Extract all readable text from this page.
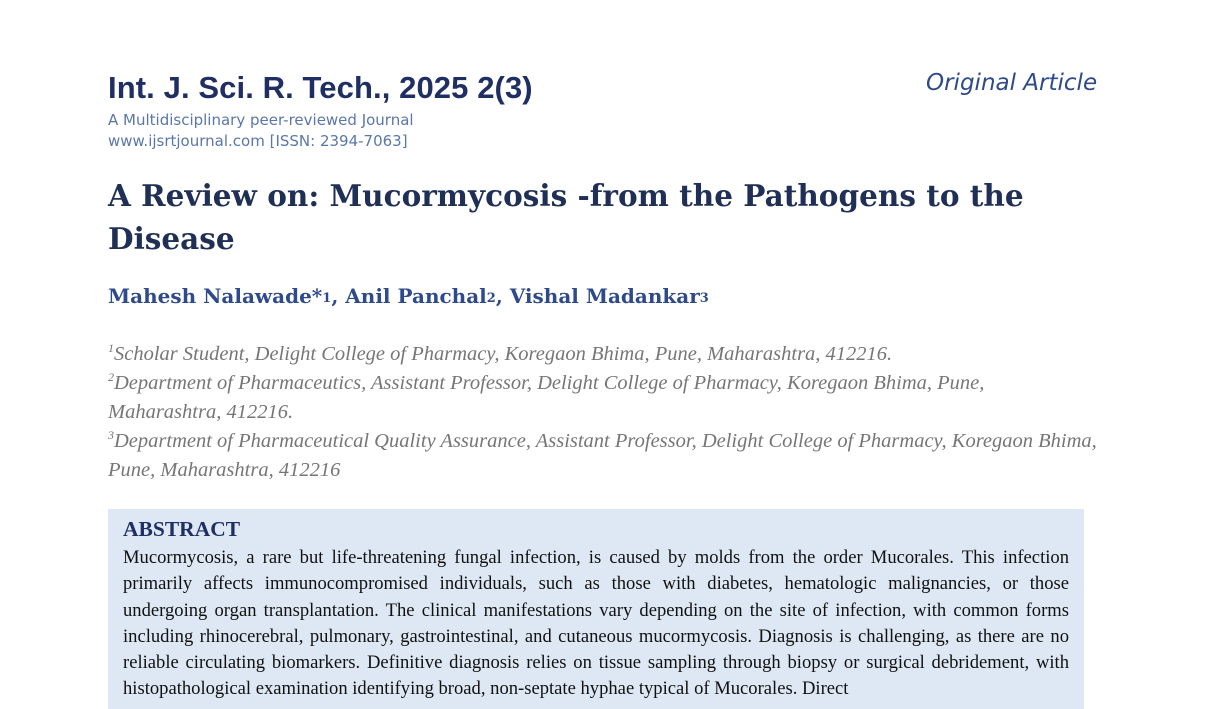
Int. J. Sci. R. Tech., 2025 2(3)	Original Article
A Multidisciplinary peer-reviewed Journal
www.ijsrtjournal.com [ISSN: 2394-7063]
A Review on: Mucormycosis -from the Pathogens to the Disease
Mahesh Nalawade*$^1$, Anil Panchal$^2$, Vishal Madankar$^3$
$^1$Scholar Student, Delight College of Pharmacy, Koregaon Bhima, Pune, Maharashtra, 412216.
$^2$Department of Pharmaceutics, Assistant Professor, Delight College of Pharmacy, Koregaon Bhima, Pune, Maharashtra, 412216.
$^3$Department of Pharmaceutical Quality Assurance, Assistant Professor, Delight College of Pharmacy, Koregaon Bhima, Pune, Maharashtra, 412216
ABSTRACT

Mucormycosis, a rare but life-threatening fungal infection, is caused by molds from the order Mucorales. This infection primarily affects immunocompromised individuals, such as those with diabetes, hematologic malignancies, or those undergoing organ transplantation. The clinical manifestations vary depending on the site of infection, with common forms including rhinocerebral, pulmonary, gastrointestinal, and cutaneous mucormycosis. Diagnosis is challenging, as there are no reliable circulating biomarkers. Definitive diagnosis relies on tissue sampling through biopsy or surgical debridement, with histopathological examination identifying broad, non-septate hyphae typical of Mucorales. Direct
